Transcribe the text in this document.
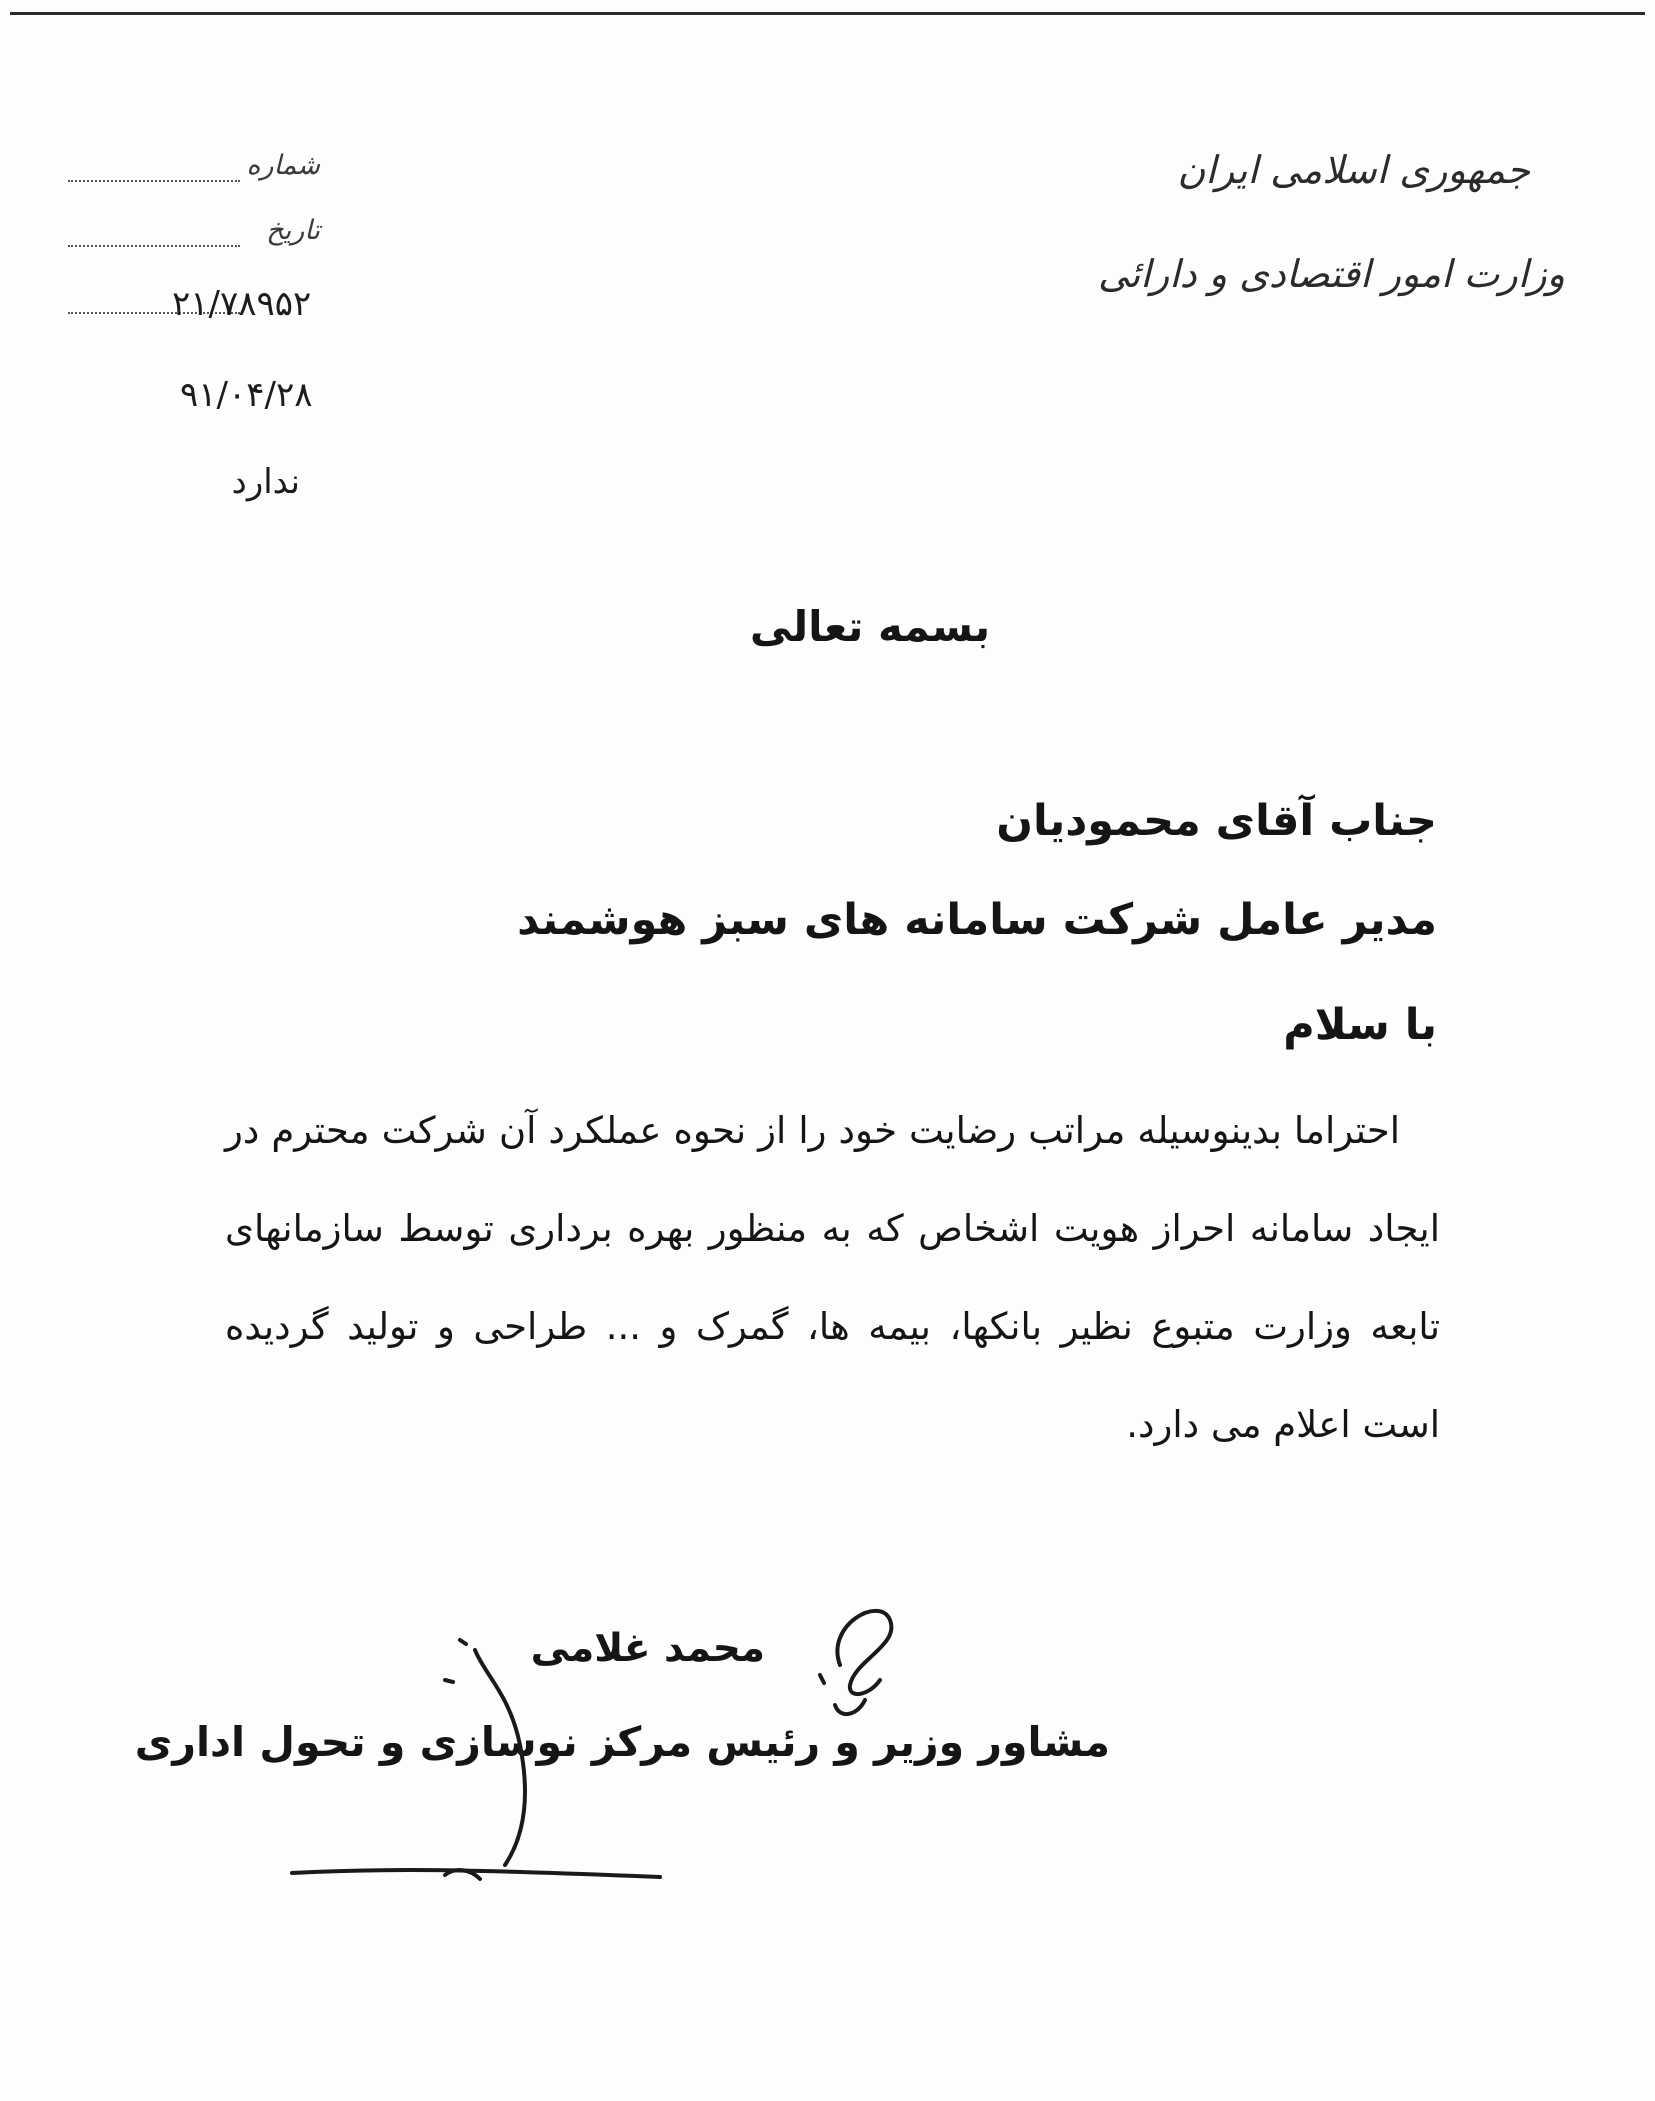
جمهوری اسلامی ایران
وزارت امور اقتصادی و دارائی
شماره
تاریخ
۲۱/۷۸۹۵۲
۹۱/۰۴/۲۸
ندارد
بسمه تعالی
جناب آقای محمودیان
مدیر عامل شرکت سامانه های سبز هوشمند
با سلام

احتراما بدینوسیله مراتب رضایت خود را از نحوه عملکرد آن شرکت محترم در ایجاد سامانه احراز هویت اشخاص که به منظور بهره برداری توسط سازمانهای تابعه وزارت متبوع نظیر بانکها، بیمه ها، گمرک و ... طراحی و تولید گردیده است اعلام می دارد.

محمد غلامی
مشاور وزیر و رئیس مرکز نوسازی و تحول اداری
